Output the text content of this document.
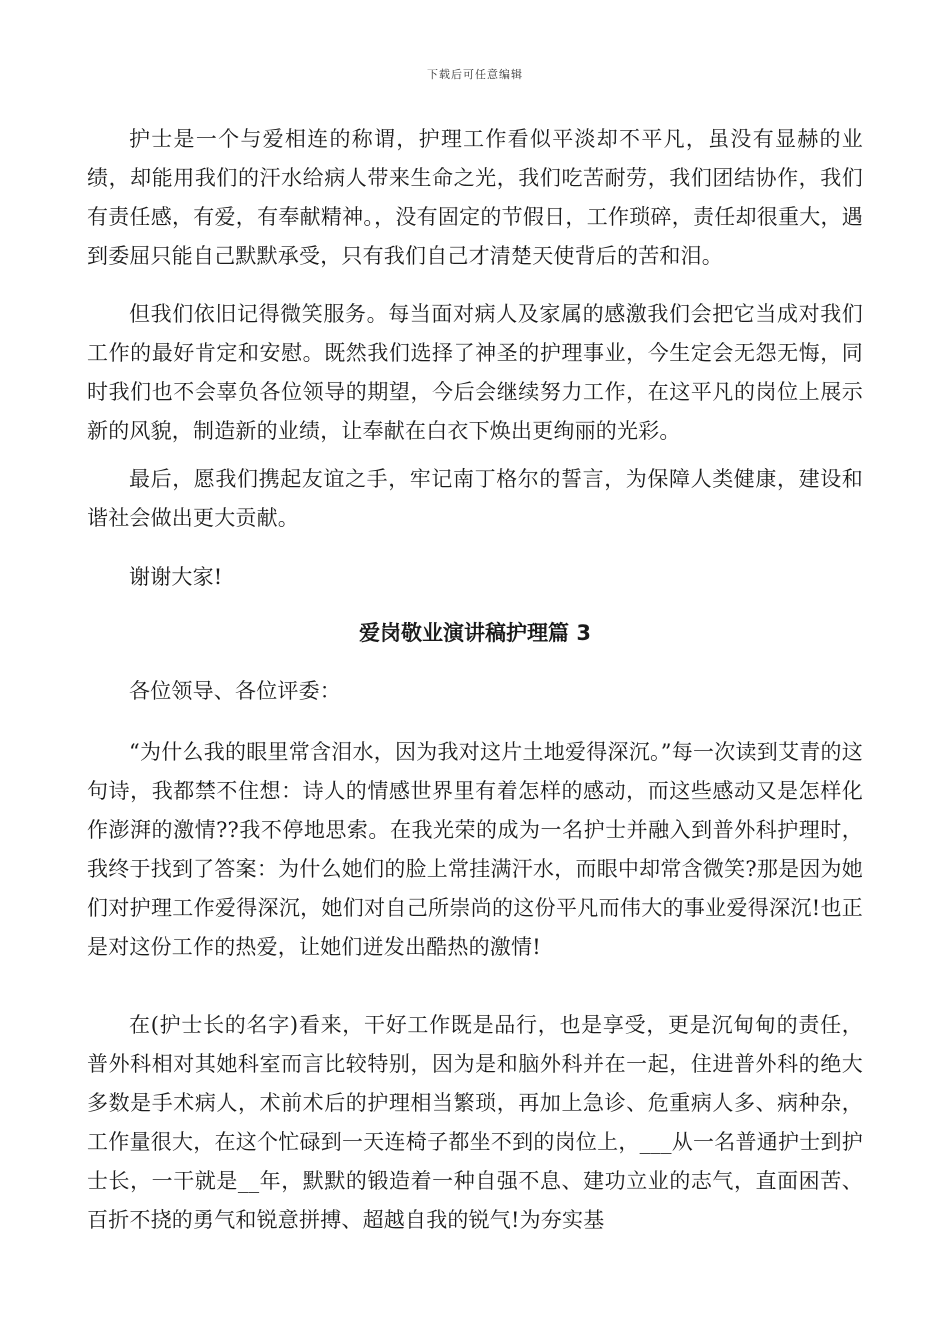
下载后可任意编辑

护士是一个与爱相连的称谓，护理工作看似平淡却不平凡，虽没有显赫的业绩，却能用我们的汗水给病人带来生命之光，我们吃苦耐劳，我们团结协作，我们有责任感，有爱，有奉献精神。，没有固定的节假日，工作琐碎，责任却很重大，遇到委屈只能自己默默承受，只有我们自己才清楚天使背后的苦和泪。

但我们依旧记得微笑服务。每当面对病人及家属的感激我们会把它当成对我们工作的最好肯定和安慰。既然我们选择了神圣的护理事业，今生定会无怨无悔，同时我们也不会辜负各位领导的期望，今后会继续努力工作，在这平凡的岗位上展示新的风貌，制造新的业绩，让奉献在白衣下焕出更绚丽的光彩。

最后，愿我们携起友谊之手，牢记南丁格尔的誓言，为保障人类健康，建设和谐社会做出更大贡献。

谢谢大家!

爱岗敬业演讲稿护理篇 3

各位领导、各位评委：

“为什么我的眼里常含泪水，因为我对这片土地爱得深沉。”每一次读到艾青的这句诗，我都禁不住想：诗人的情感世界里有着怎样的感动，而这些感动又是怎样化作澎湃的激情??我不停地思索。在我光荣的成为一名护士并融入到普外科护理时，我终于找到了答案：为什么她们的脸上常挂满汗水，而眼中却常含微笑?那是因为她们对护理工作爱得深沉，她们对自己所崇尚的这份平凡而伟大的事业爱得深沉!也正是对这份工作的热爱，让她们迸发出酷热的激情!

在(护士长的名字)看来，干好工作既是品行，也是享受，更是沉甸甸的责任，普外科相对其她科室而言比较特别，因为是和脑外科并在一起，住进普外科的绝大多数是手术病人，术前术后的护理相当繁琐，再加上急诊、危重病人多、病种杂，工作量很大，在这个忙碌到一天连椅子都坐不到的岗位上，___从一名普通护士到护士长，一干就是__年，默默的锻造着一种自强不息、建功立业的志气，直面困苦、百折不挠的勇气和锐意拼搏、超越自我的锐气!为夯实基
